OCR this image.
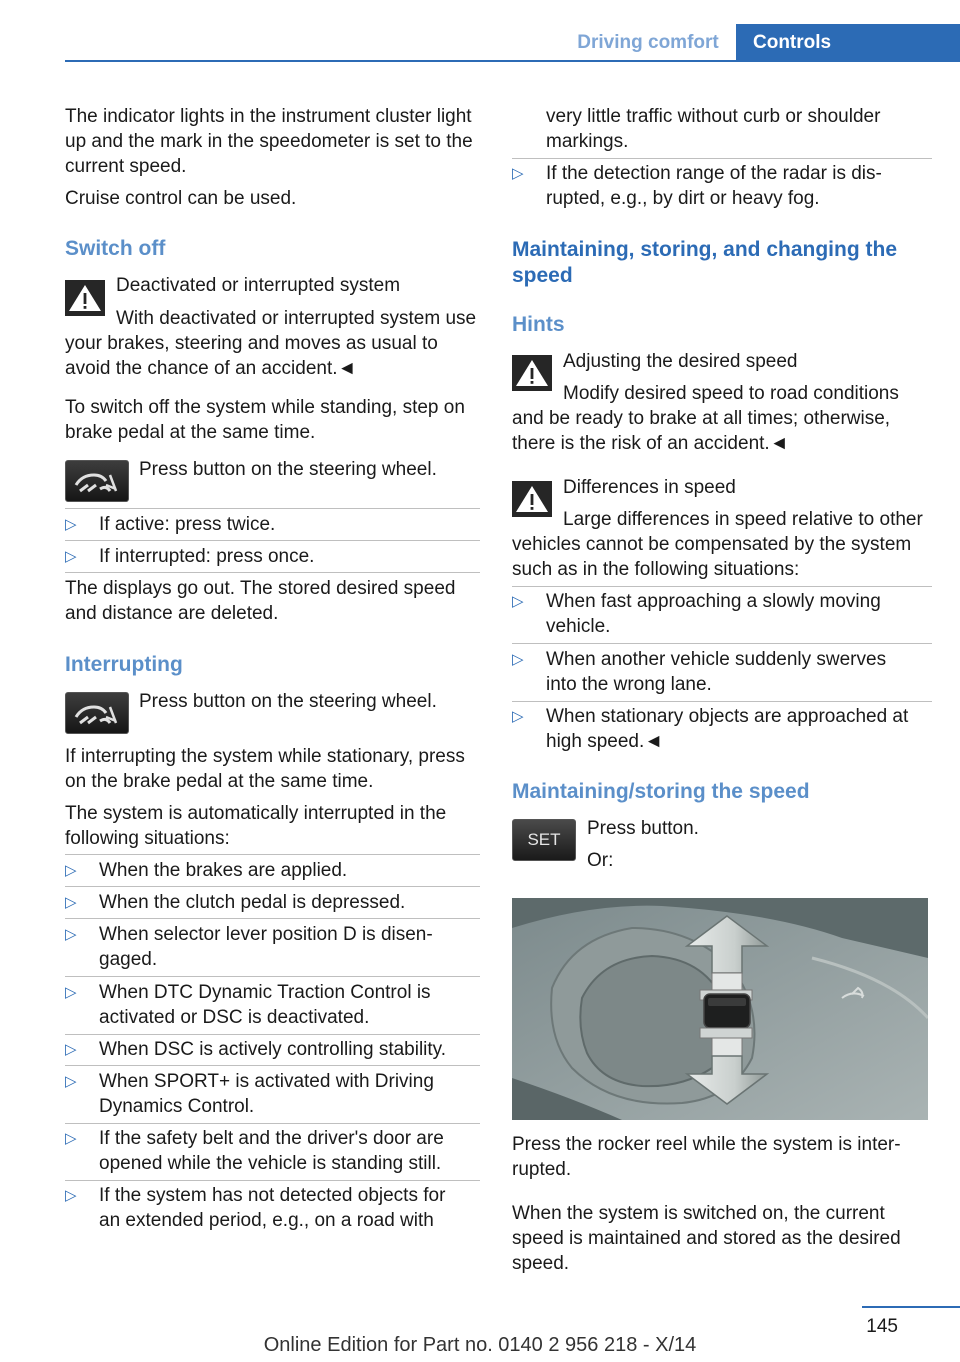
Driving comfort	Controls

The indicator lights in the instrument cluster light up and the mark in the speedometer is set to the current speed.

Cruise control can be used.

Switch off

Deactivated or interrupted system

With deactivated or interrupted system use your brakes, steering and moves as usual to avoid the chance of an accident.◄

To switch off the system while standing, step on brake pedal at the same time.

Press button on the steering wheel.

▷ If active: press twice.
▷ If interrupted: press once.

The displays go out. The stored desired speed and distance are deleted.

Interrupting

Press button on the steering wheel.

If interrupting the system while stationary, press on the brake pedal at the same time.

The system is automatically interrupted in the following situations:

▷ When the brakes are applied.
▷ When the clutch pedal is depressed.
▷ When selector lever position D is disen‐ gaged.
▷ When DTC Dynamic Traction Control is activated or DSC is deactivated.
▷ When DSC is actively controlling stability.
▷ When SPORT+ is activated with Driving Dynamics Control.
▷ If the safety belt and the driver's door are opened while the vehicle is standing still.
▷ If the system has not detected objects for an extended period, e.g., on a road with

very little traffic without curb or shoulder markings.

▷ If the detection range of the radar is dis‐ rupted, e.g., by dirt or heavy fog.
Maintaining, storing, and changing the speed
Hints

Adjusting the desired speed

Modify desired speed to road conditions and be ready to brake at all times; otherwise, there is the risk of an accident.◄

Differences in speed

Large differences in speed relative to other vehicles cannot be compensated by the system such as in the following situations:

▷ When fast approaching a slowly moving vehicle.
▷ When another vehicle suddenly swerves into the wrong lane.
▷ When stationary objects are approached at high speed.◄
Maintaining/storing the speed
SET

Press button.

Or:

Press the rocker reel while the system is inter‐ rupted.

When the system is switched on, the current speed is maintained and stored as the desired speed.

145
Online Edition for Part no. 0140 2 956 218 - X/14
